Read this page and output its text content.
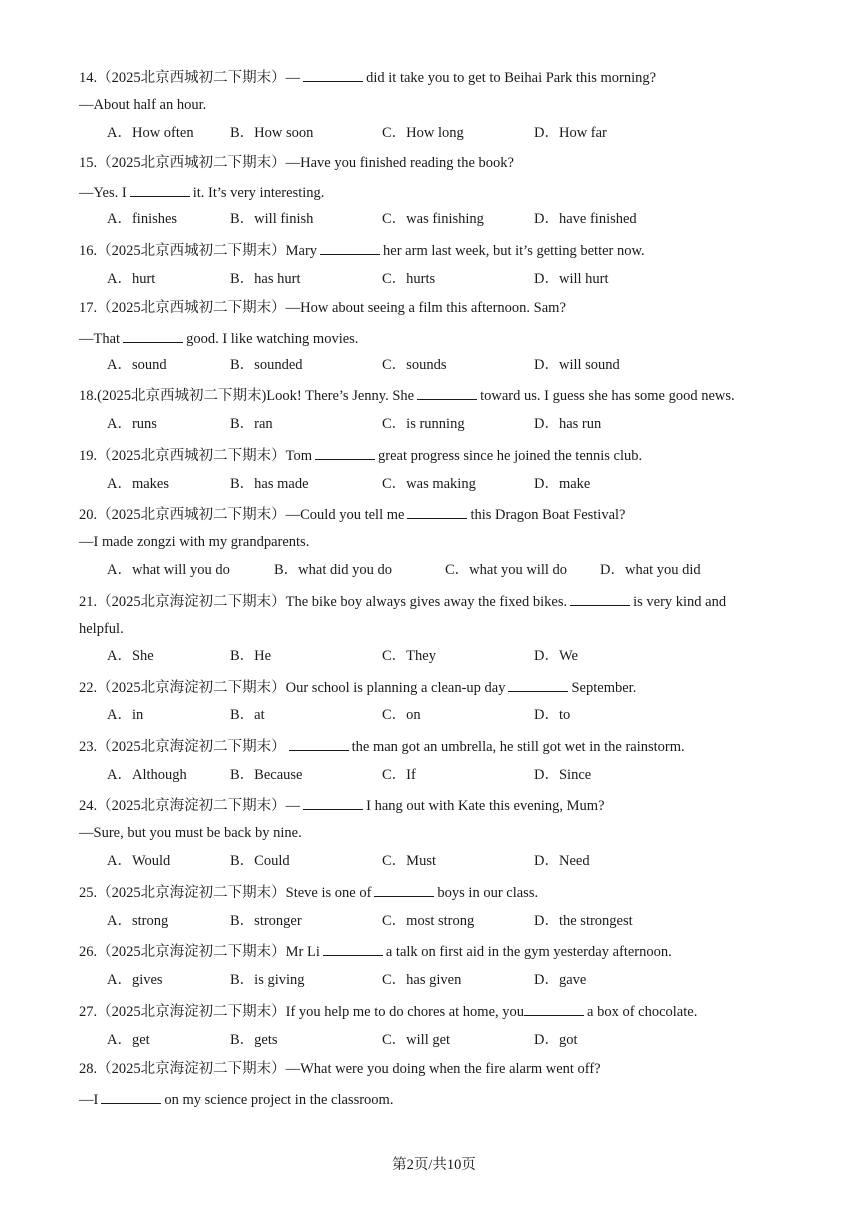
14.（2025北京西城初二下期末）—	did it take you to get to Beihai Park this morning?
—About half an hour.
A．How often	B．How soon	C．How long	D．How far
15.（2025北京西城初二下期末）—Have you finished reading the book?
—Yes. I	it. It’s very interesting.
A．finishes	B．will finish	C．was finishing	D．have finished
16.（2025北京西城初二下期末）Mary	her arm last week, but it’s getting better now.
A．hurt	B．has hurt	C．hurts	D．will hurt
17.（2025北京西城初二下期末）—How about seeing a film this afternoon. Sam?
—That	good. I like watching movies.
A．sound	B．sounded	C．sounds	D．will sound
18.(2025北京西城初二下期末)Look! There’s Jenny. She	toward us. I guess she has some good news.
A．runs	B．ran	C．is running	D．has run
19.（2025北京西城初二下期末）Tom	great progress since he joined the tennis club.
A．makes	B．has made	C．was making	D．make
20.（2025北京西城初二下期末）—Could you tell me	this Dragon Boat Festival?
—I made zongzi with my grandparents.
A．what will you do	B．what did you do	C．what you will do D．what you did
21.（2025北京海淀初二下期末）The bike boy always gives away the fixed bikes.	is very kind and
helpful.
A．She	B．He	C．They	D．We
22.（2025北京海淀初二下期末）Our school is planning a clean-up day	September.
A．in	B．at	C．on	D．to
23.（2025北京海淀初二下期末）	the man got an umbrella, he still got wet in the rainstorm.
A．Although	B．Because	C．If	D．Since
24.（2025北京海淀初二下期末）—	I hang out with Kate this evening, Mum?
—Sure, but you must be back by nine.
A．Would	B．Could	C．Must	D．Need
25.（2025北京海淀初二下期末）Steve is one of	boys in our class.
A．strong	B．stronger	C．most strong	D．the strongest
26.（2025北京海淀初二下期末）Mr Li	a talk on first aid in the gym yesterday afternoon.
A．gives	B．is giving	C．has given	D．gave
27.（2025北京海淀初二下期末）If you help me to do chores at home, you	a box of chocolate.
A．get	B．gets	C．will get	D．got
28.（2025北京海淀初二下期末）—What were you doing when the fire alarm went off?
—I	on my science project in the classroom.
第2页/共10页
